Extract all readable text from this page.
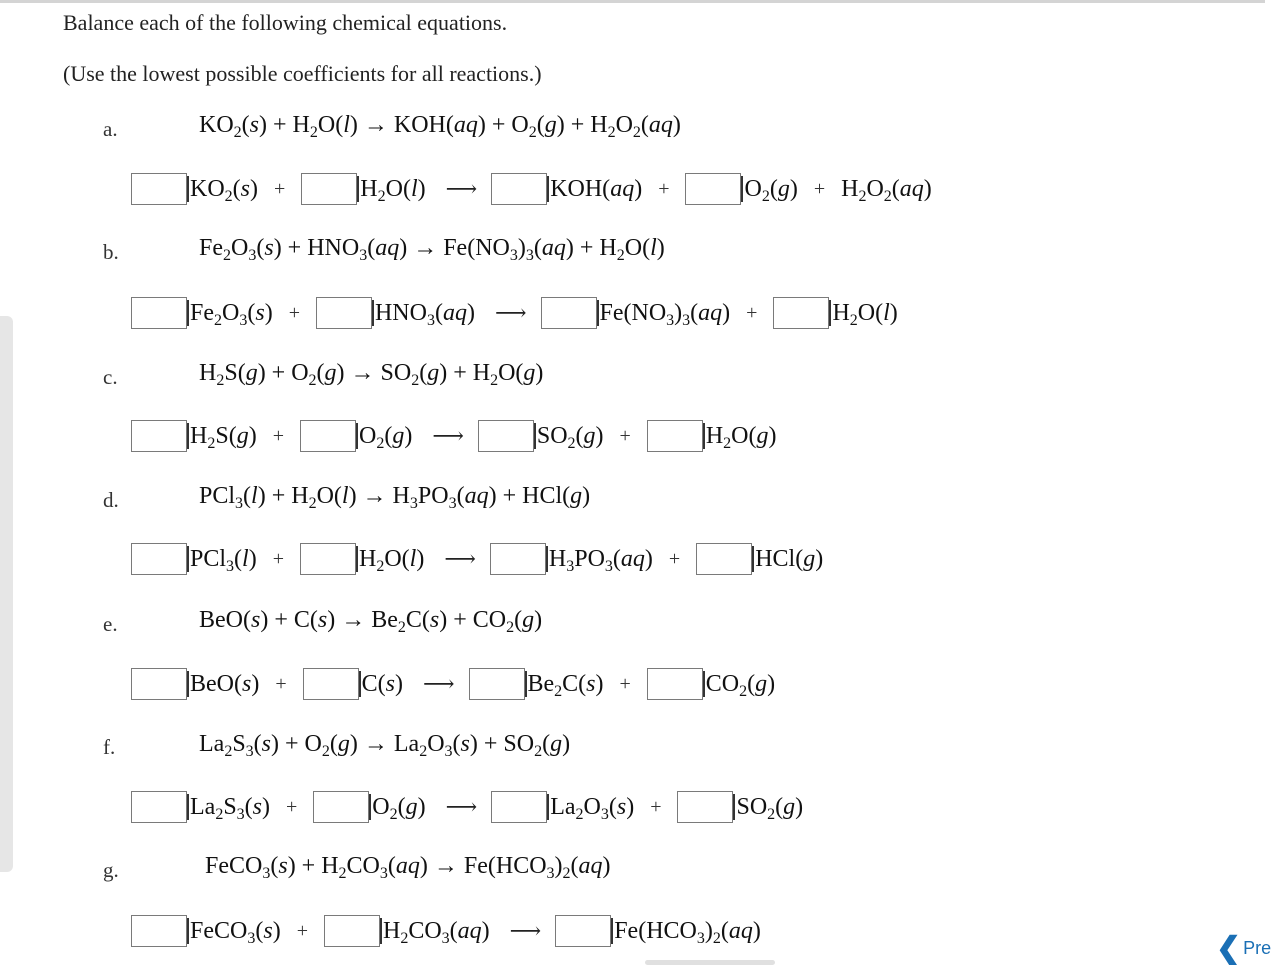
Balance each of the following chemical equations.
(Use the lowest possible coefficients for all reactions.)
a.	$KO_2(s) + H_2O(l) \to KOH(aq) + O_2(g) + H_2O_2(aq)$
$KO_2(s)$ +	$H_2O(l)$ ⟶	KOH(aq) +	$O_2(g) + H_2O_2(aq)$
b.	$Fe_2O_3(s) + HNO_3(aq) \to Fe(NO_3)_3(aq) + H_2O(l)$
$Fe_2O_3(s)$ +	$HNO_3(aq)$ ⟶	$Fe(NO_3)_3(aq)$ +	$H_2O(l)$
c.	$H_2S(g) + O_2(g) \to SO_2(g) + H_2O(g)$
$H_2S(g)$ +	$O_2(g)$ ⟶	$SO_2(g)$ +	$H_2O(g)$
d.	$PCl_3(l) + H_2O(l) \to H_3PO_3(aq) + HCl(g)$
PCl$_3$(l) +	$H_2O(l)$ ⟶	$H_3PO_3(aq)$ +	HCl(g)
e.	$BeO(s) + C(s) \to Be_2C(s) + CO_2(g)$
BeO(s) +	C(s) ⟶	$Be_2C(s)$ +	$CO_2(g)$
f.	$La_2S_3(s) + O_2(g) \to La_2O_3(s) + SO_2(g)$
$La_2S_3(s)$ +	$O_2(g)$ ⟶	$La_2O_3(s)$ +	$SO_2(g)$
g.	FeCO$_3$(s) + $H_2CO_3(aq) \to Fe(HCO_3)_2(aq)$
FeCO$_3$(s) +	$H_2CO_3(aq)$ ⟶	$Fe(HCO_3)_2(aq)$
❮ Pre
